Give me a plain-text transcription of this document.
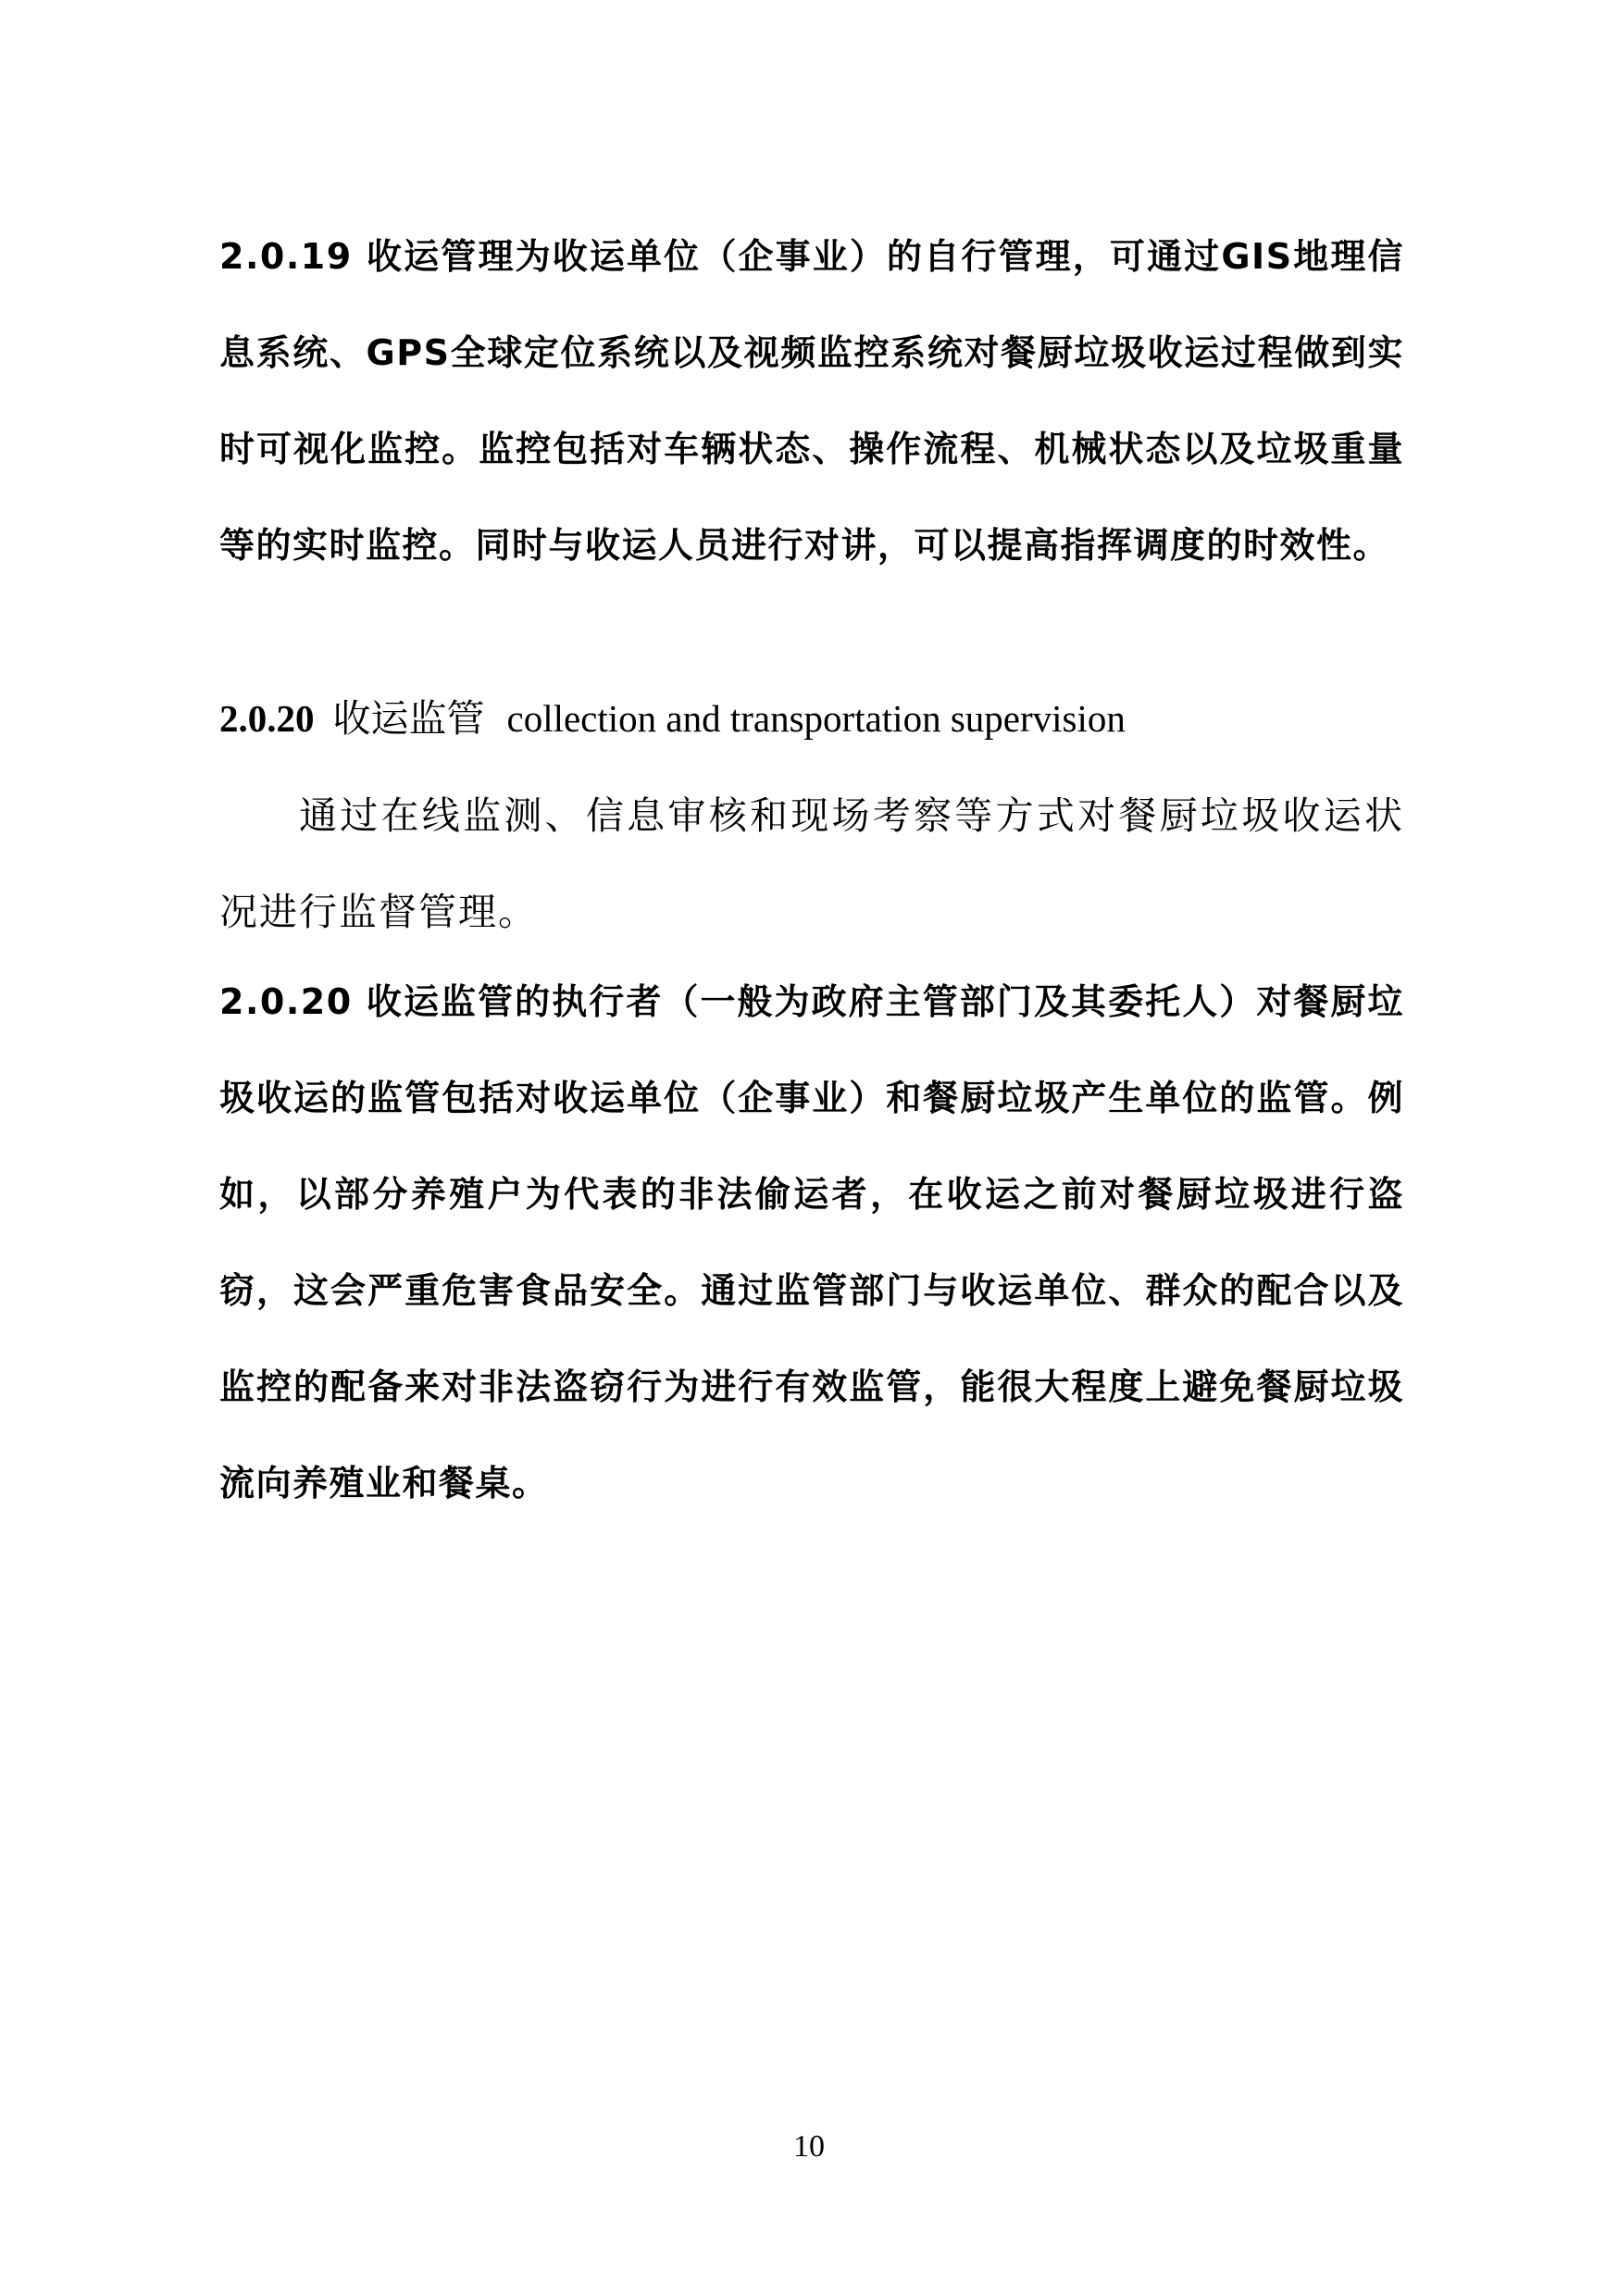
2.0.19 收运管理为收运单位（企事业）的自行管理，可通过GIS地理信息系统、GPS全球定位系统以及视频监控系统对餐厨垃圾收运过程做到实时可视化监控。监控包括对车辆状态、操作流程、机械状态以及垃圾重量等的实时监控。同时与收运人员进行对讲，可以提高指挥调度的时效性。

2.0.20 收运监管 collection and transportation supervision

通过在线监测、信息审核和现场考察等方式对餐厨垃圾收运状况进行监督管理。

2.0.20 收运监管的执行者（一般为政府主管部门及其委托人）对餐厨垃圾收运的监管包括对收运单位（企事业）和餐厨垃圾产生单位的监管。例如，以部分养殖户为代表的非法偷运者，在收运之前对餐厨垃圾进行盗窃，这会严重危害食品安全。通过监管部门与收运单位、群众的配合以及监控的配备来对非法盗窃行为进行有效监管，能很大程度上避免餐厨垃圾流向养殖业和餐桌。

10
